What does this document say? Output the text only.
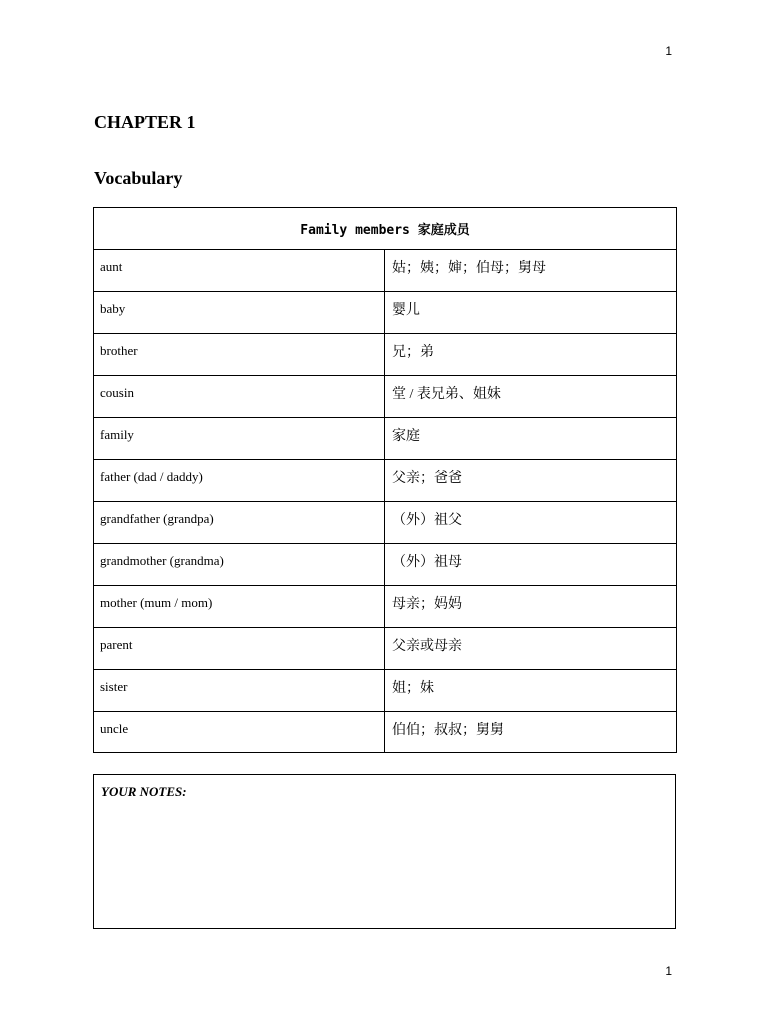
1
CHAPTER 1
Vocabulary
Family members 家庭成员	
aunt	姑；姨；婶；伯母；舅母
baby	婴儿
brother	兄；弟
cousin	堂 / 表兄弟、姐妹
family	家庭
father (dad / daddy)	父亲；爸爸
grandfather (grandpa)	（外）祖父
grandmother (grandma)	（外）祖母
mother (mum / mom)	母亲；妈妈
parent	父亲或母亲
sister	姐；妹
uncle	伯伯；叔叔；舅舅
YOUR NOTES:
1
